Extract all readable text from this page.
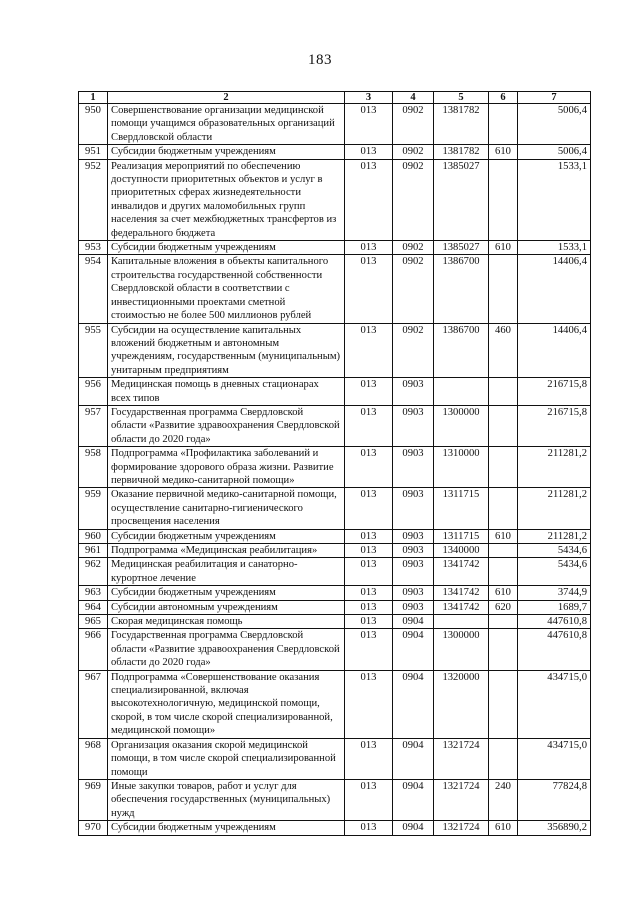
183
1	2	3	4	5	6	7
950	Совершенствование организации медицинской помощи учащимся образовательных организаций Свердловской области	013	0902	1381782		5006,4
951	Субсидии бюджетным учреждениям	013	0902	1381782	610	5006,4
952	Реализация мероприятий по обеспечению доступности приоритетных объектов и услуг в приоритетных сферах жизнедеятельности инвалидов и других маломобильных групп населения за счет межбюджетных трансфертов из федерального бюджета	013	0902	1385027		1533,1
953	Субсидии бюджетным учреждениям	013	0902	1385027	610	1533,1
954	Капитальные вложения в объекты капитального строительства государственной собственности Свердловской области в соответствии с инвестиционными проектами сметной стоимостью не более 500 миллионов рублей	013	0902	1386700		14406,4
955	Субсидии на осуществление капитальных вложений бюджетным и автономным учреждениям, государственным (муниципальным) унитарным предприятиям	013	0902	1386700	460	14406,4
956	Медицинская помощь в дневных стационарах всех типов	013	0903			216715,8
957	Государственная программа Свердловской области «Развитие здравоохранения Свердловской области до 2020 года»	013	0903	1300000		216715,8
958	Подпрограмма «Профилактика заболеваний и формирование здорового образа жизни. Развитие первичной медико-санитарной помощи»	013	0903	1310000		211281,2
959	Оказание первичной медико-санитарной помощи, осуществление санитарно-гигиенического просвещения населения	013	0903	1311715		211281,2
960	Субсидии бюджетным учреждениям	013	0903	1311715	610	211281,2
961	Подпрограмма «Медицинская реабилитация»	013	0903	1340000		5434,6
962	Медицинская реабилитация и санаторно-курортное лечение	013	0903	1341742		5434,6
963	Субсидии бюджетным учреждениям	013	0903	1341742	610	3744,9
964	Субсидии автономным учреждениям	013	0903	1341742	620	1689,7
965	Скорая медицинская помощь	013	0904			447610,8
966	Государственная программа Свердловской области «Развитие здравоохранения Свердловской области до 2020 года»	013	0904	1300000		447610,8
967	Подпрограмма «Совершенствование оказания специализированной, включая высокотехнологичную, медицинской помощи, скорой, в том числе скорой специализированной, медицинской помощи»	013	0904	1320000		434715,0
968	Организация оказания скорой медицинской помощи, в том числе скорой специализированной помощи	013	0904	1321724		434715,0
969	Иные закупки товаров, работ и услуг для обеспечения государственных (муниципальных) нужд	013	0904	1321724	240	77824,8
970	Субсидии бюджетным учреждениям	013	0904	1321724	610	356890,2
